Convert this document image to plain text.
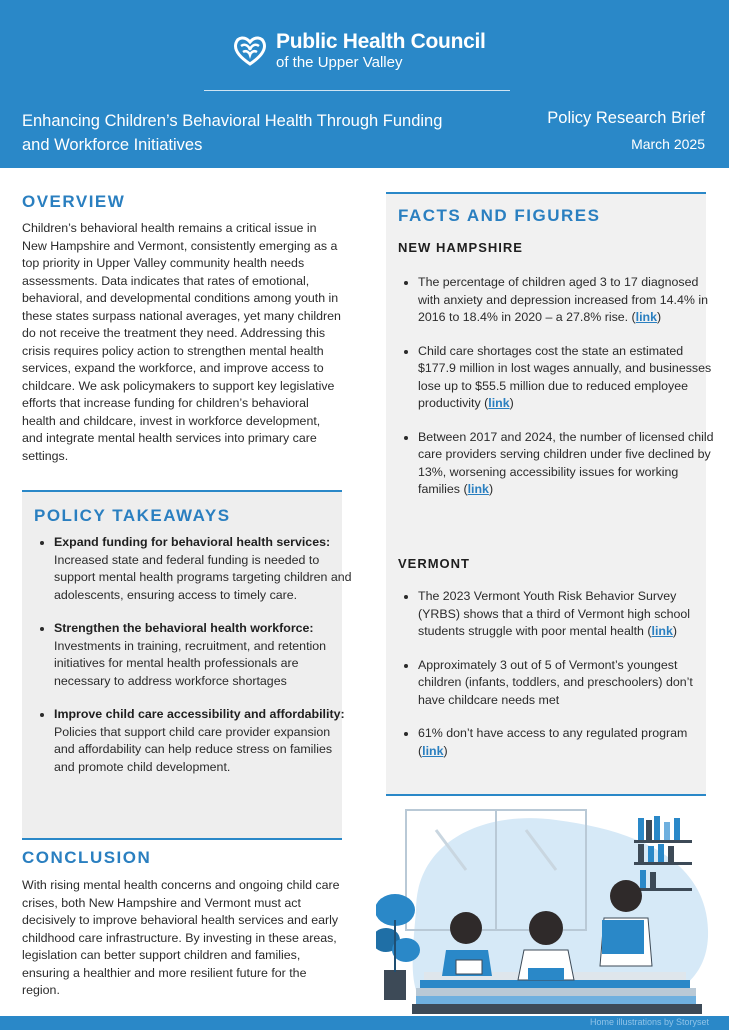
Public Health Council
of the Upper Valley
Enhancing Children’s Behavioral Health Through Funding and Workforce Initiatives
Policy Research Brief
March 2025
OVERVIEW

Children’s behavioral health remains a critical issue in New Hampshire and Vermont, consistently emerging as a top priority in Upper Valley community health needs assessments. Data indicates that rates of emotional, behavioral, and developmental conditions among youth in these states surpass national averages, yet many children do not receive the treatment they need. Addressing this crisis requires policy action to strengthen mental health services, expand the workforce, and improve access to childcare. We ask policymakers to support key legislative efforts that increase funding for children’s behavioral health and childcare, invest in workforce development, and integrate mental health services into primary care settings.

POLICY TAKEAWAYS
• Expand funding for behavioral health services: Increased state and federal funding is needed to support mental health programs targeting children and adolescents, ensuring access to timely care.
• Strengthen the behavioral health workforce: Investments in training, recruitment, and retention initiatives for mental health professionals are necessary to address workforce shortages
• Improve child care accessibility and affordability: Policies that support child care provider expansion and affordability can help reduce stress on families and promote child development.
CONCLUSION

With rising mental health concerns and ongoing child care crises, both New Hampshire and Vermont must act decisively to improve behavioral health services and early childhood care infrastructure. By investing in these areas, legislation can better support children and families, ensuring a healthier and more resilient future for the region.

FACTS AND FIGURES
NEW HAMPSHIRE
• The percentage of children aged 3 to 17 diagnosed with anxiety and depression increased from 14.4% in 2016 to 18.4% in 2020 – a 27.8% rise. (link)
• Child care shortages cost the state an estimated $177.9 million in lost wages annually, and businesses lose up to $55.5 million due to reduced employee productivity (link)
• Between 2017 and 2024, the number of licensed child care providers serving children under five declined by 13%, worsening accessibility issues for working families (link)
VERMONT
• The 2023 Vermont Youth Risk Behavior Survey (YRBS) shows that a third of Vermont high school students struggle with poor mental health (link)
• Approximately 3 out of 5 of Vermont’s youngest children (infants, toddlers, and preschoolers) don’t have childcare needs met
• 61% don’t have access to any regulated program (link)
Home illustrations by Storyset
